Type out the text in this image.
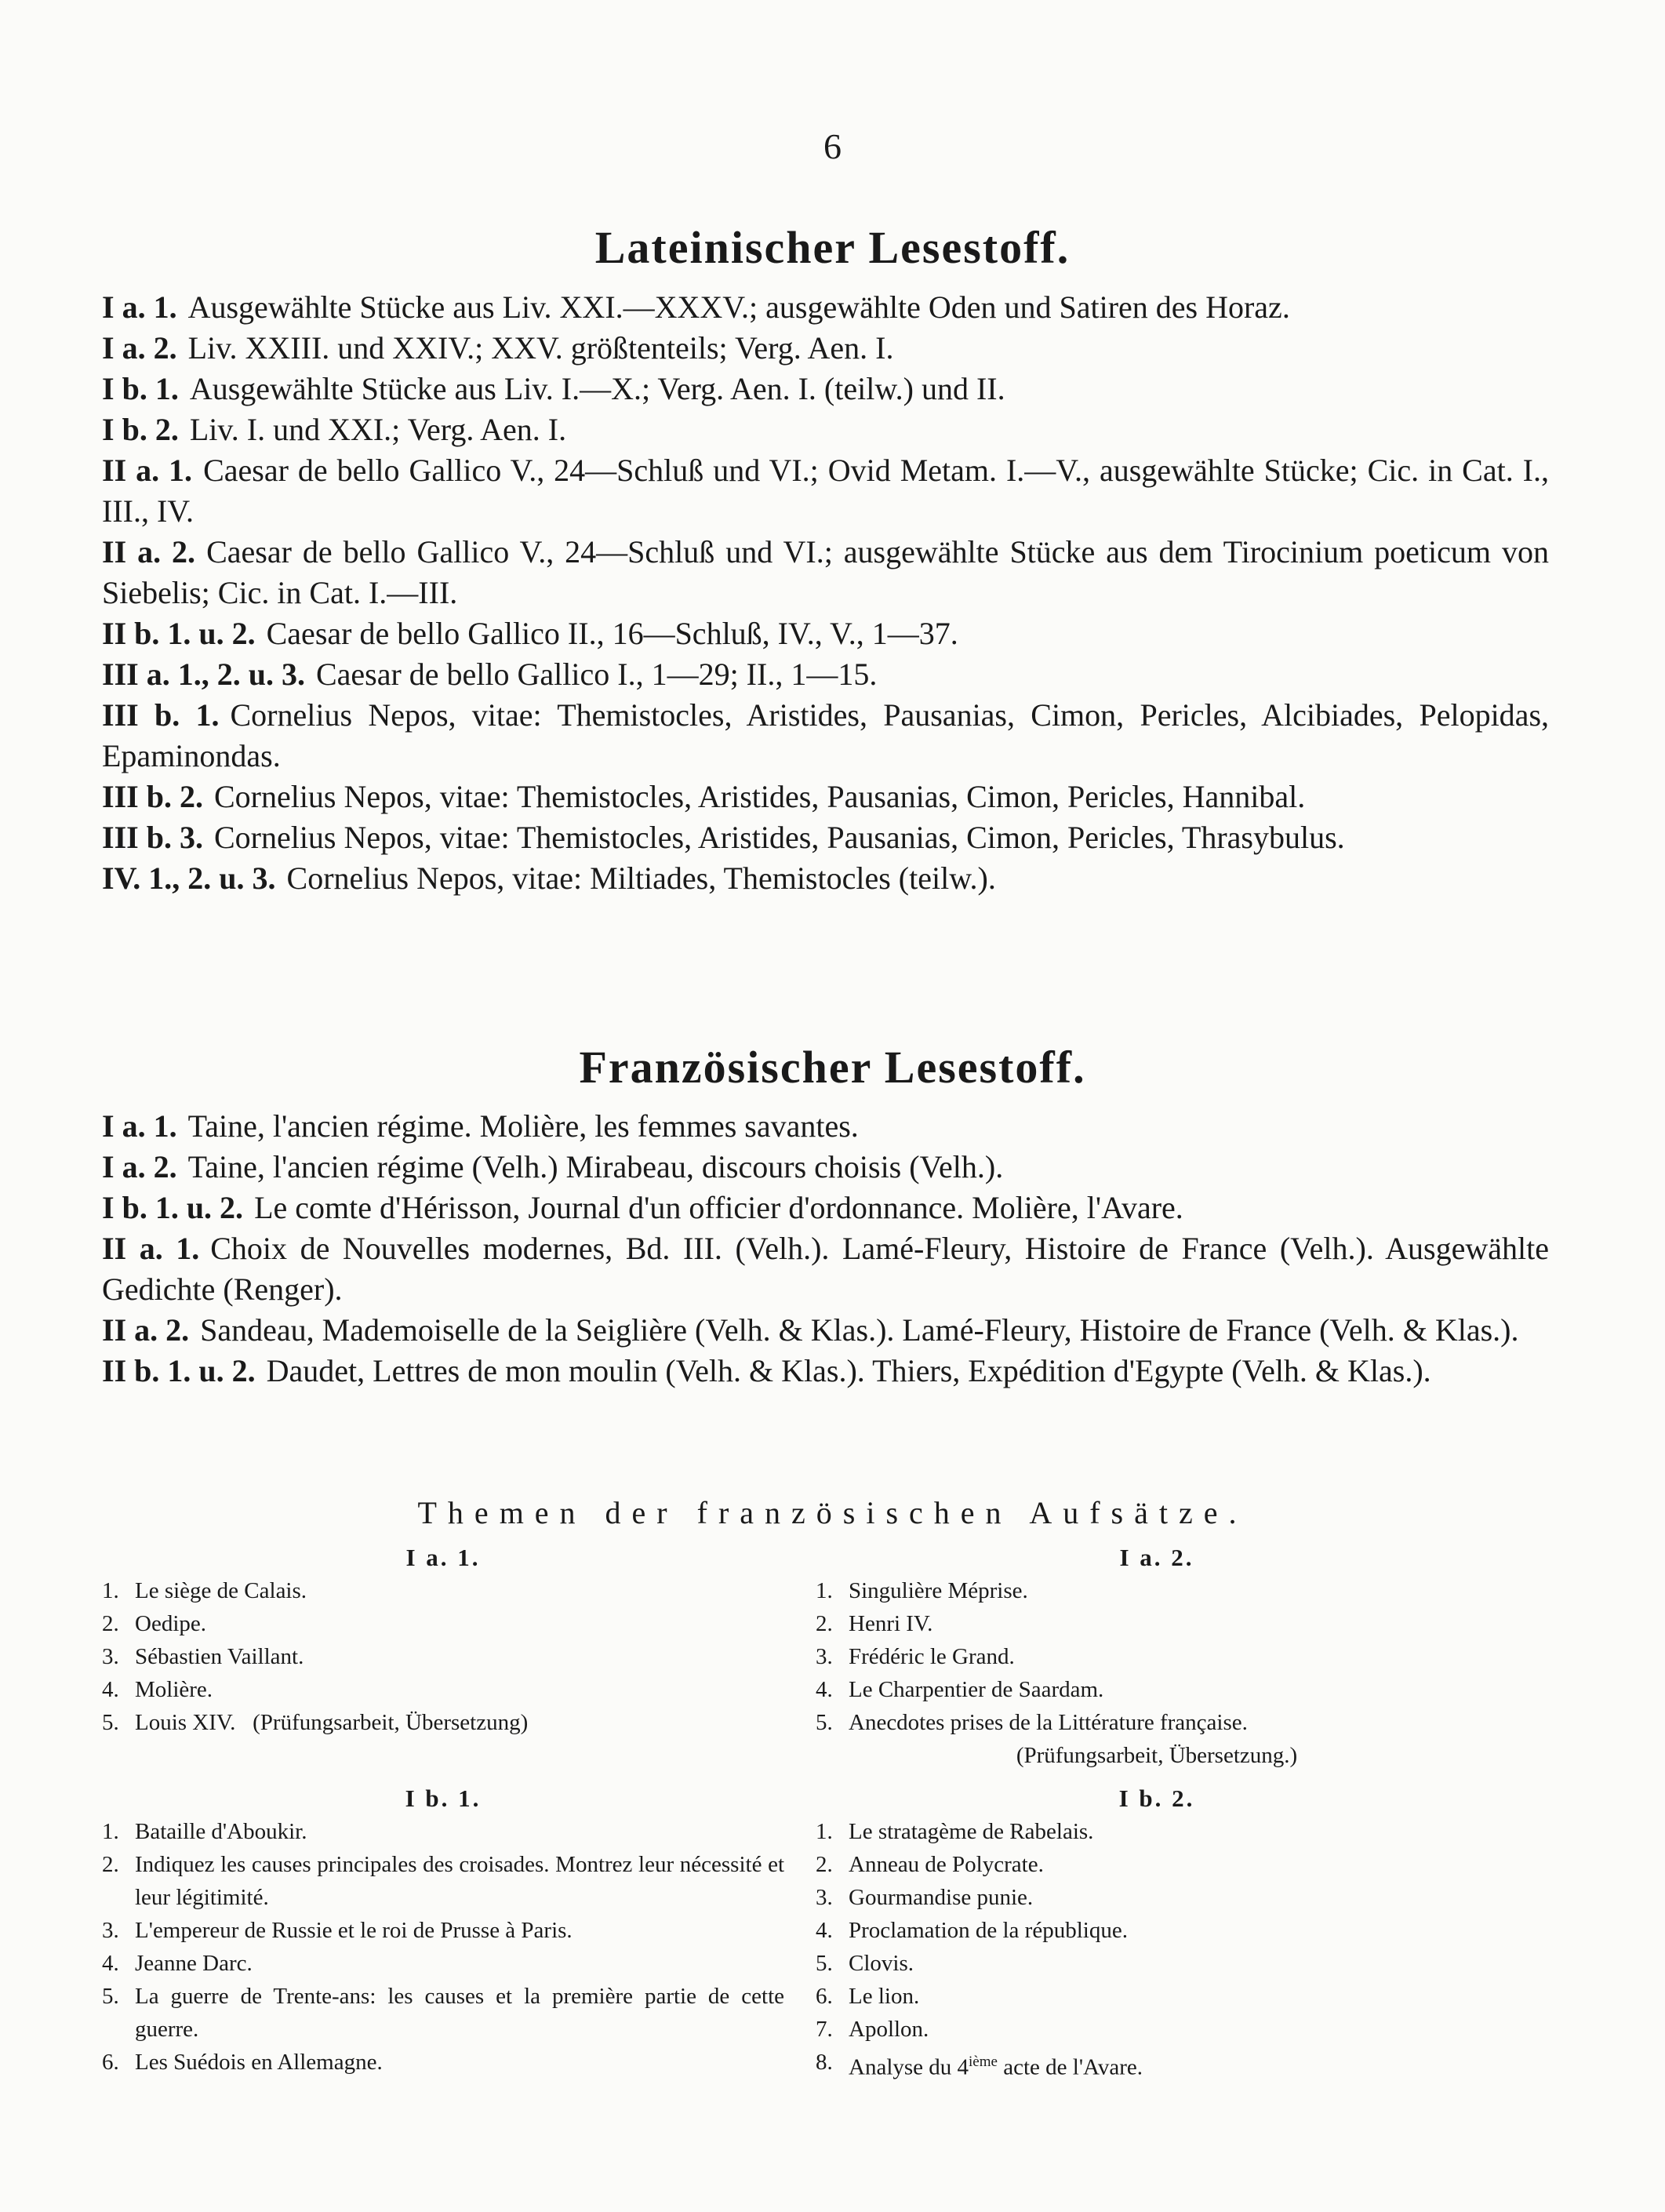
6
Lateinischer Lesestoff.

I a. 1. Ausgewählte Stücke aus Liv. XXI.—XXXV.; ausgewählte Oden und Satiren des Horaz.

I a. 2. Liv. XXIII. und XXIV.; XXV. größtenteils; Verg. Aen. I.

I b. 1. Ausgewählte Stücke aus Liv. I.—X.; Verg. Aen. I. (teilw.) und II.

I b. 2. Liv. I. und XXI.; Verg. Aen. I.

II a. 1. Caesar de bello Gallico V., 24—Schluß und VI.; Ovid Metam. I.—V., ausgewählte Stücke; Cic. in Cat. I., III., IV.

II a. 2. Caesar de bello Gallico V., 24—Schluß und VI.; ausgewählte Stücke aus dem Tirocinium poeticum von Siebelis; Cic. in Cat. I.—III.

II b. 1. u. 2. Caesar de bello Gallico II., 16—Schluß, IV., V., 1—37.

III a. 1., 2. u. 3. Caesar de bello Gallico I., 1—29; II., 1—15.

III b. 1. Cornelius Nepos, vitae: Themistocles, Aristides, Pausanias, Cimon, Pericles, Alcibiades, Pelopidas, Epaminondas.

III b. 2. Cornelius Nepos, vitae: Themistocles, Aristides, Pausanias, Cimon, Pericles, Hannibal.

III b. 3. Cornelius Nepos, vitae: Themistocles, Aristides, Pausanias, Cimon, Pericles, Thrasybulus.

IV. 1., 2. u. 3. Cornelius Nepos, vitae: Miltiades, Themistocles (teilw.).

Französischer Lesestoff.

I a. 1. Taine, l'ancien régime. Molière, les femmes savantes.

I a. 2. Taine, l'ancien régime (Velh.) Mirabeau, discours choisis (Velh.).

I b. 1. u. 2. Le comte d'Hérisson, Journal d'un officier d'ordonnance. Molière, l'Avare.

II a. 1. Choix de Nouvelles modernes, Bd. III. (Velh.). Lamé-Fleury, Histoire de France (Velh.). Ausgewählte Gedichte (Renger).

II a. 2. Sandeau, Mademoiselle de la Seiglière (Velh. & Klas.). Lamé-Fleury, Histoire de France (Velh. & Klas.).

II b. 1. u. 2. Daudet, Lettres de mon moulin (Velh. & Klas.). Thiers, Expédition d'Egypte (Velh. & Klas.).

Themen der französischen Aufsätze.
I a. 1.
1. Le siège de Calais.
2. Oedipe.
3. Sébastien Vaillant.
4. Molière.
5. Louis XIV. (Prüfungsarbeit, Übersetzung)
I a. 2.
1. Singulière Méprise.
2. Henri IV.
3. Frédéric le Grand.
4. Le Charpentier de Saardam.
5. Anecdotes prises de la Littérature française.
(Prüfungsarbeit, Übersetzung.)
I b. 1.
1. Bataille d'Aboukir.
2. Indiquez les causes principales des croisades. Montrez leur nécessité et leur légitimité.
3. L'empereur de Russie et le roi de Prusse à Paris.
4. Jeanne Darc.
5. La guerre de Trente-ans: les causes et la première partie de cette guerre.
6. Les Suédois en Allemagne.
I b. 2.
1. Le stratagème de Rabelais.
2. Anneau de Polycrate.
3. Gourmandise punie.
4. Proclamation de la république.
5. Clovis.
6. Le lion.
7. Apollon.
8. Analyse du 4ième acte de l'Avare.
